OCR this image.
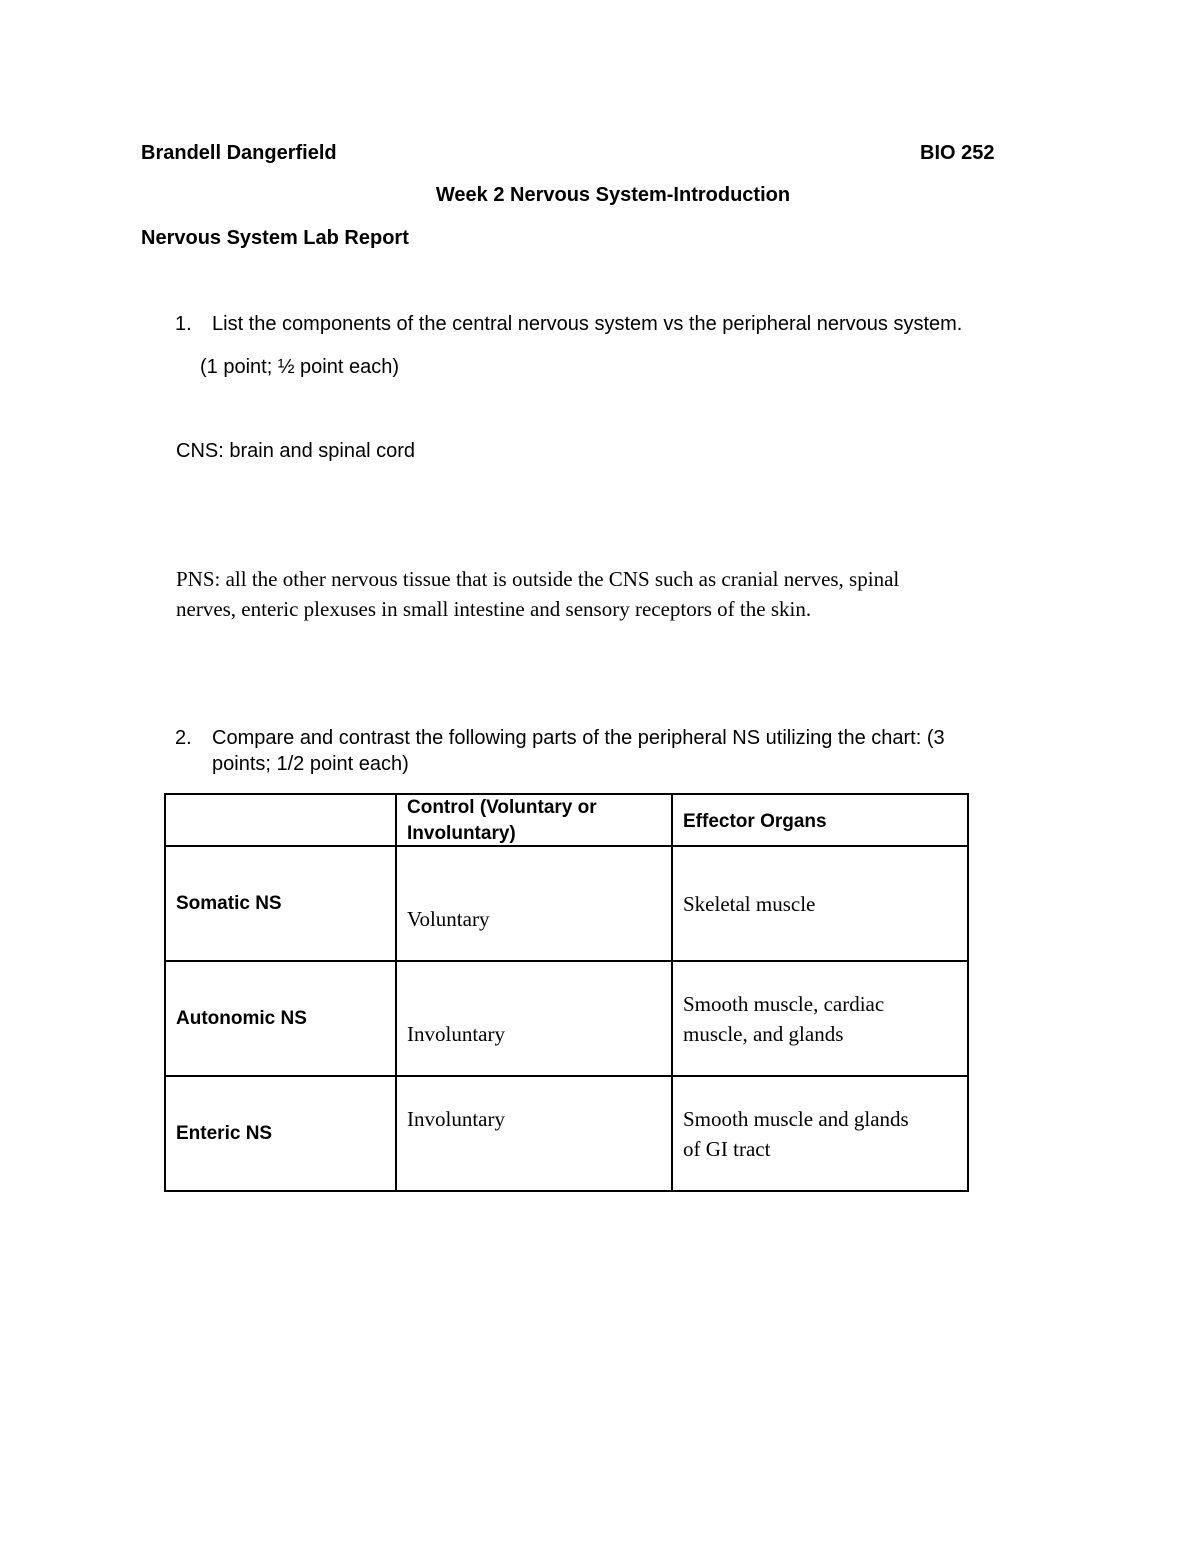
Brandell Dangerfield	BIO 252
Week 2 Nervous System-Introduction
Nervous System Lab Report
1. List the components of the central nervous system vs the peripheral nervous system.
(1 point; ½ point each)
CNS: brain and spinal cord
PNS: all the other nervous tissue that is outside the CNS such as cranial nerves, spinal
nerves, enteric plexuses in small intestine and sensory receptors of the skin.
2. Compare and contrast the following parts of the peripheral NS utilizing the chart: (3
points; 1/2 point each)

	Control (Voluntary or
Involuntary)	Effector Organs

Somatic NS	Voluntary	Skeletal muscle

Autonomic NS	Involuntary	Smooth muscle, cardiac
muscle, and glands

Enteric NS	Involuntary	Smooth muscle and glands
of GI tract
